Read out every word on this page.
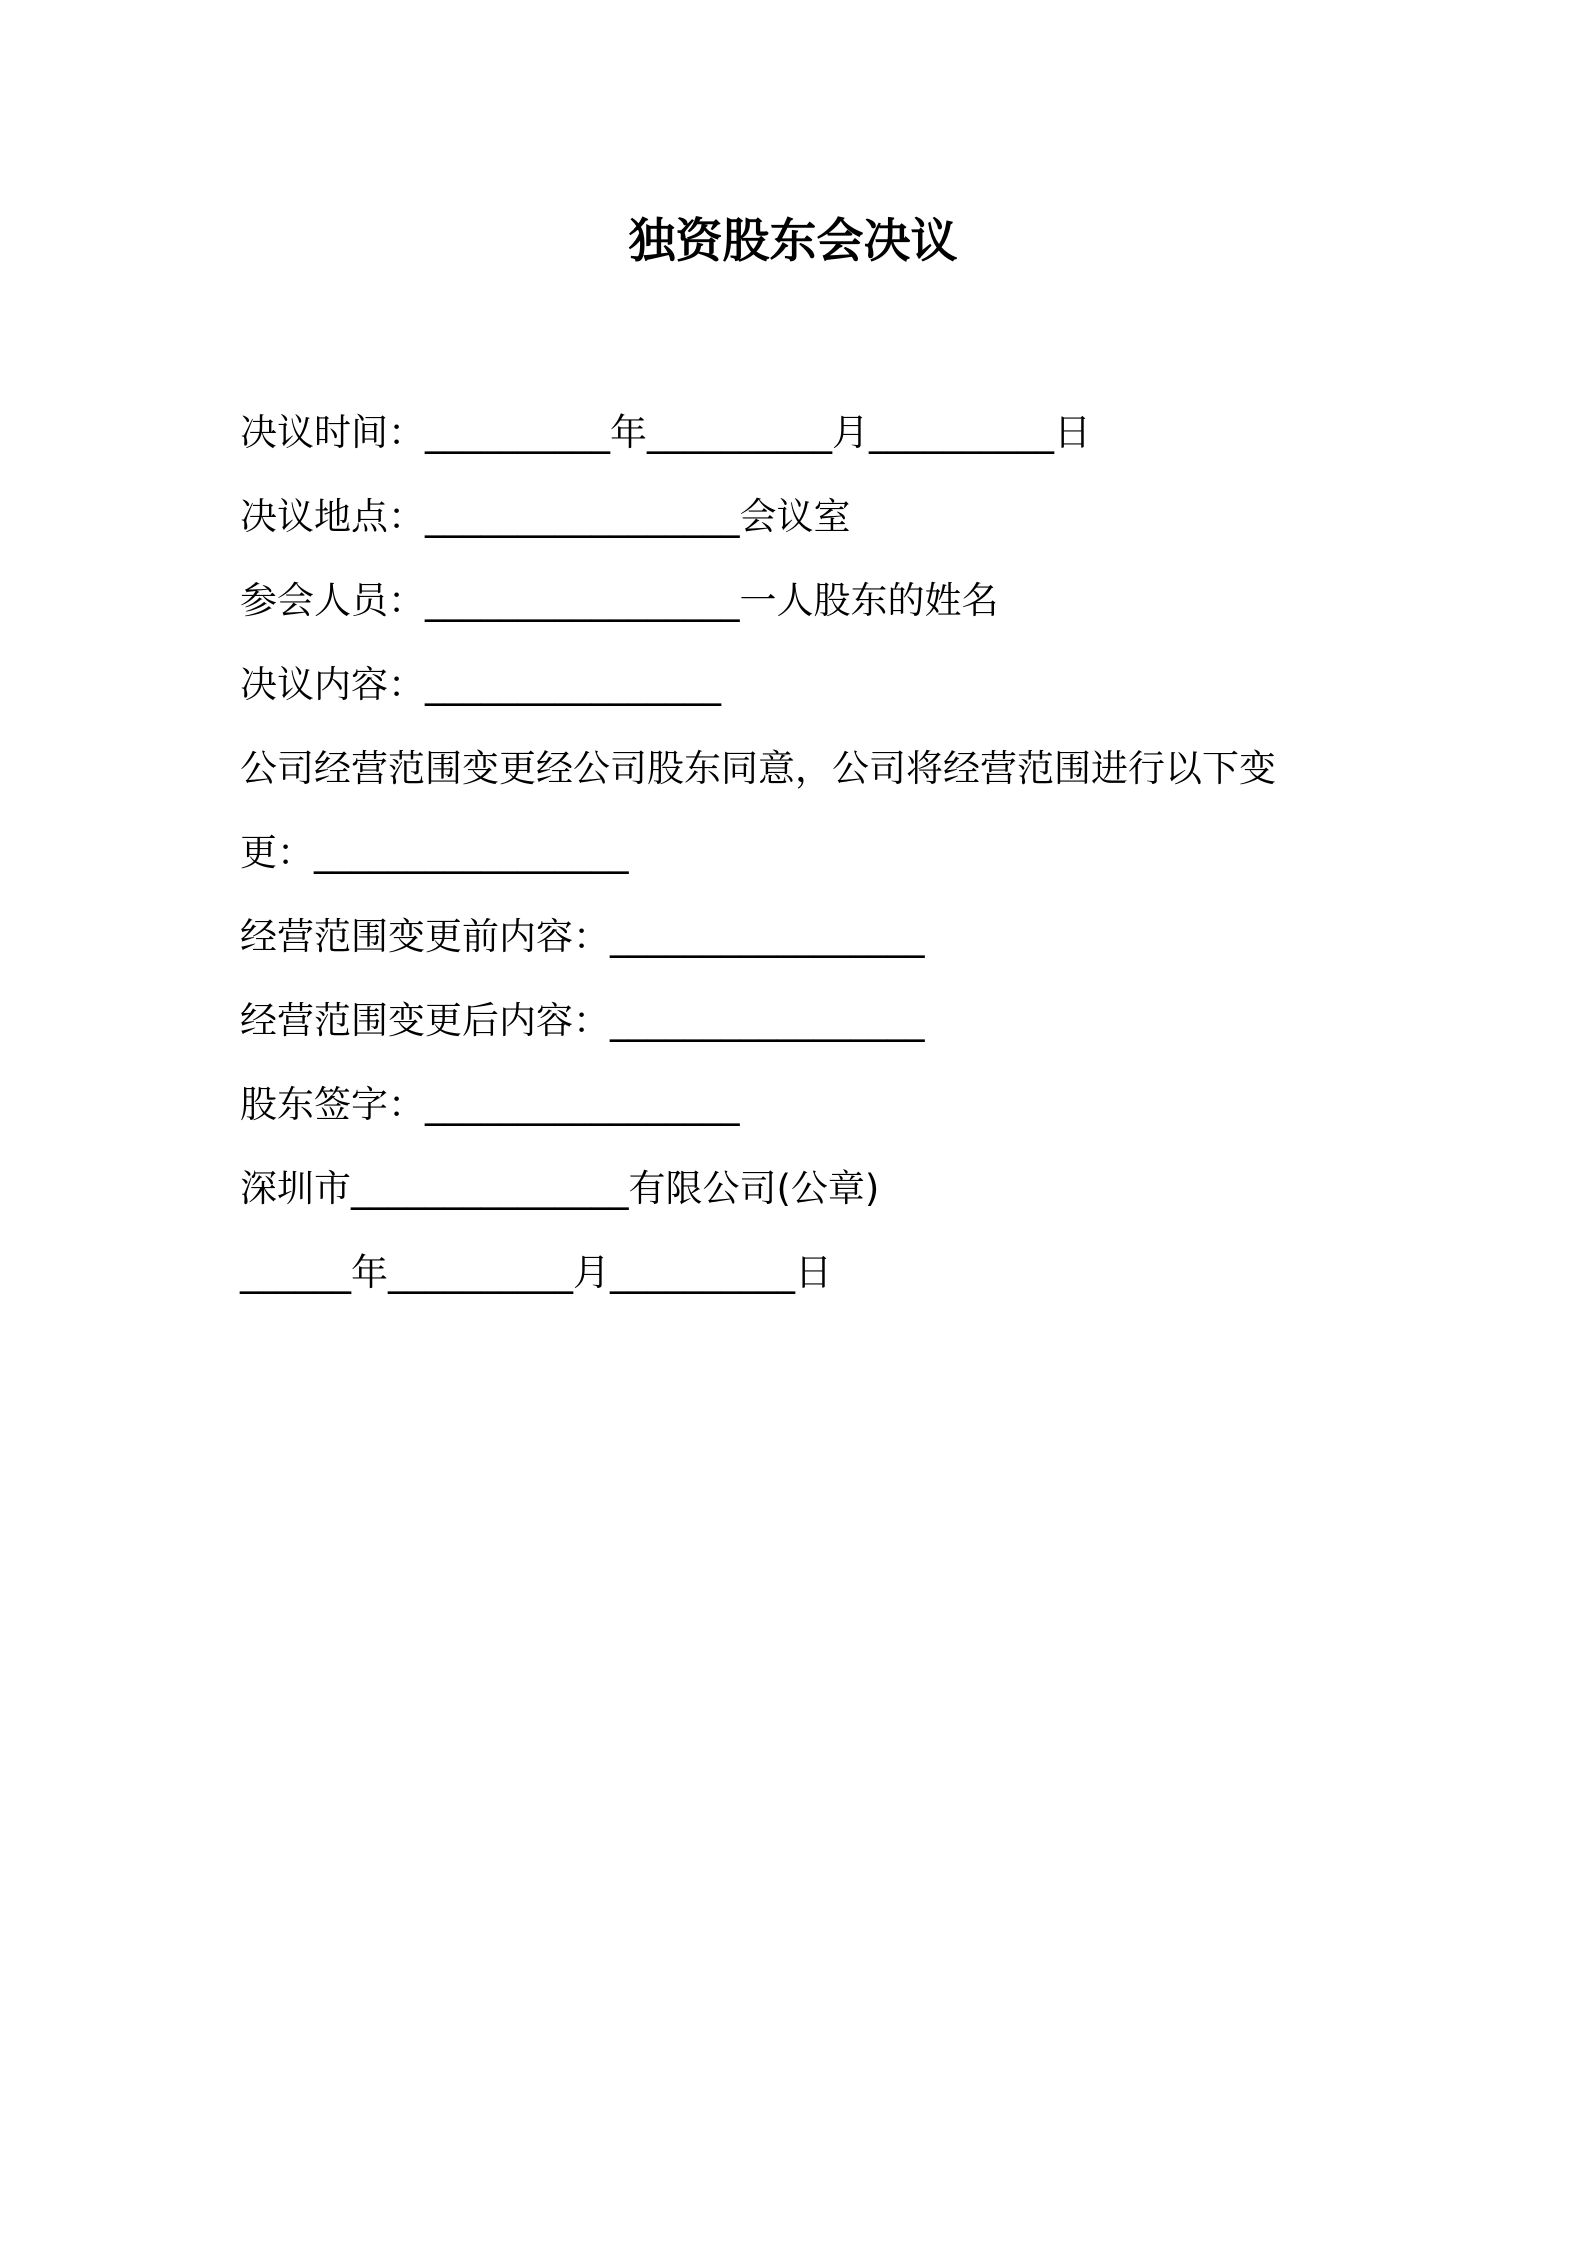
独资股东会决议
决议时间：__________年__________月__________日
决议地点：_________________会议室
参会人员：_________________一人股东的姓名
决议内容：________________
公司经营范围变更经公司股东同意，公司将经营范围进行以下变
更：_________________
经营范围变更前内容：_________________
经营范围变更后内容：_________________
股东签字：_________________
深圳市_______________有限公司(公章)
______年__________月__________日
